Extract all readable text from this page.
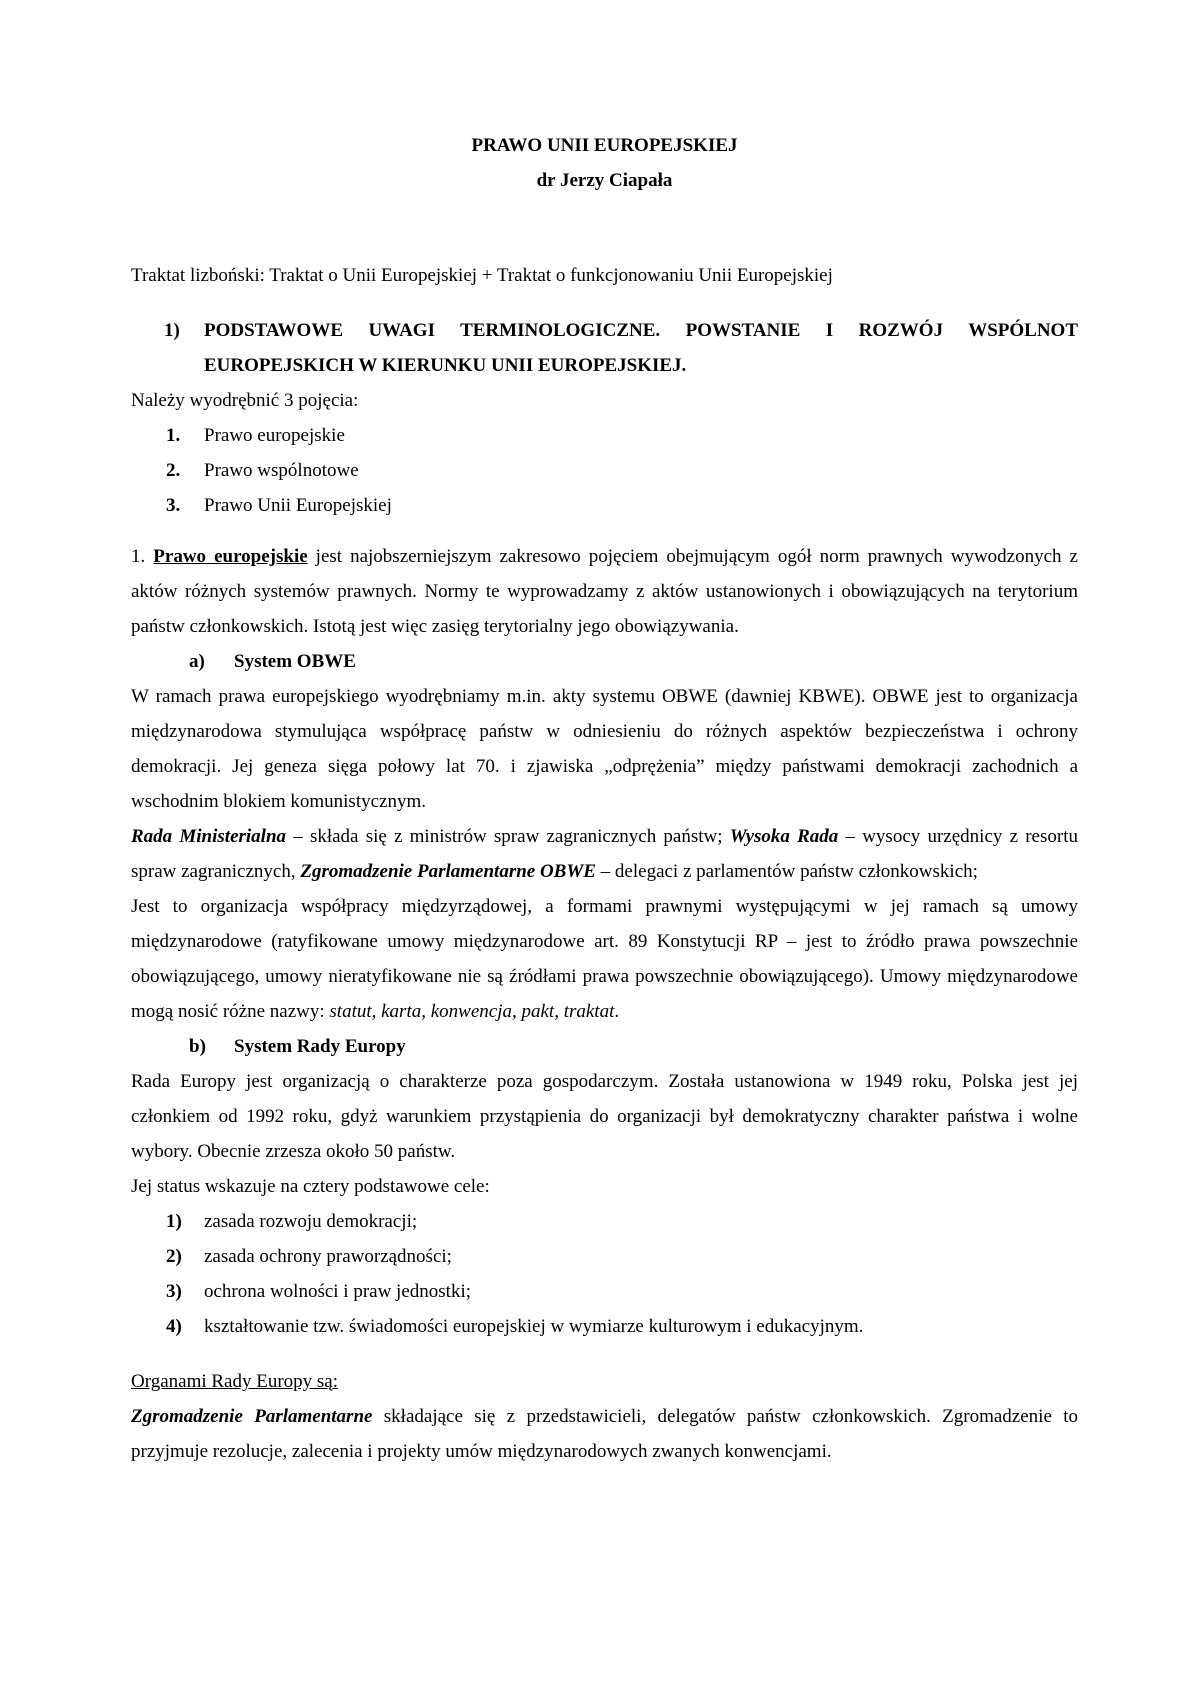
PRAWO UNII EUROPEJSKIEJ

dr Jerzy Ciapała

Traktat lizboński: Traktat o Unii Europejskiej + Traktat o funkcjonowaniu Unii Europejskiej

1)	PODSTAWOWE UWAGI TERMINOLOGICZNE. POWSTANIE I ROZWÓJ WSPÓLNOT
EUROPEJSKICH W KIERUNKU UNII EUROPEJSKIEJ.

Należy wyodrębnić 3 pojęcia:

1.	Prawo europejskie
2.	Prawo wspólnotowe
3.	Prawo Unii Europejskiej

1. Prawo europejskie jest najobszerniejszym zakresowo pojęciem obejmującym ogół norm prawnych wywodzonych z aktów różnych systemów prawnych. Normy te wyprowadzamy z aktów ustanowionych i obowiązujących na terytorium państw członkowskich. Istotą jest więc zasięg terytorialny jego obowiązywania.

a)	System OBWE

W ramach prawa europejskiego wyodrębniamy m.in. akty systemu OBWE (dawniej KBWE). OBWE jest to organizacja międzynarodowa stymulująca współpracę państw w odniesieniu do różnych aspektów bezpieczeństwa i ochrony demokracji. Jej geneza sięga połowy lat 70. i zjawiska „odprężenia” między państwami demokracji zachodnich a wschodnim blokiem komunistycznym.

Rada Ministerialna – składa się z ministrów spraw zagranicznych państw; Wysoka Rada – wysocy urzędnicy z resortu spraw zagranicznych, Zgromadzenie Parlamentarne OBWE – delegaci z parlamentów państw członkowskich;

Jest to organizacja współpracy międzyrządowej, a formami prawnymi występującymi w jej ramach są umowy międzynarodowe (ratyfikowane umowy międzynarodowe art. 89 Konstytucji RP – jest to źródło prawa powszechnie obowiązującego, umowy nieratyfikowane nie są źródłami prawa powszechnie obowiązującego). Umowy międzynarodowe mogą nosić różne nazwy: statut, karta, konwencja, pakt, traktat.

b)	System Rady Europy

Rada Europy jest organizacją o charakterze poza gospodarczym. Została ustanowiona w 1949 roku, Polska jest jej członkiem od 1992 roku, gdyż warunkiem przystąpienia do organizacji był demokratyczny charakter państwa i wolne wybory. Obecnie zrzesza około 50 państw.

Jej status wskazuje na cztery podstawowe cele:

1)	zasada rozwoju demokracji;
2)	zasada ochrony praworządności;
3)	ochrona wolności i praw jednostki;
4)	kształtowanie tzw. świadomości europejskiej w wymiarze kulturowym i edukacyjnym.

Organami Rady Europy są:

Zgromadzenie Parlamentarne składające się z przedstawicieli, delegatów państw członkowskich. Zgromadzenie to przyjmuje rezolucje, zalecenia i projekty umów międzynarodowych zwanych konwencjami.
